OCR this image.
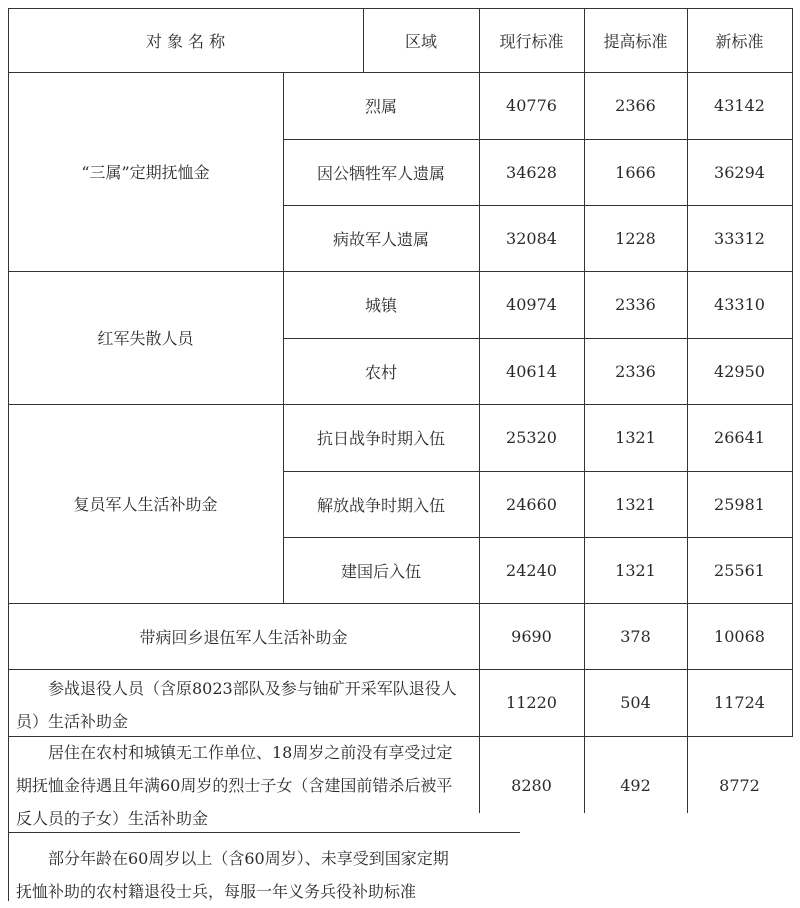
对 象 名 称	区域	现行标准	提高标准	新标准
“三属”定期抚恤金
烈属	40776	2366	43142
因公牺牲军人遗属	34628	1666	36294
病故军人遗属	32084	1228	33312
红军失散人员
城镇	40974	2336	43310
农村	40614	2336	42950
复员军人生活补助金
抗日战争时期入伍	25320	1321	26641
解放战争时期入伍	24660	1321	25981
建国后入伍	24240	1321	25561
带病回乡退伍军人生活补助金	9690	378	10068
参战退役人员（含原8023部队及参与铀矿开采军队退役人
员）生活补助金
11220	504	11724
居住在农村和城镇无工作单位、18周岁之前没有享受过定
期抚恤金待遇且年满60周岁的烈士子女（含建国前错杀后被平
反人员的子女）生活补助金
8280	492	8772
部分年龄在60周岁以上（含60周岁）、未享受到国家定期
抚恤补助的农村籍退役士兵，每服一年义务兵役补助标准
